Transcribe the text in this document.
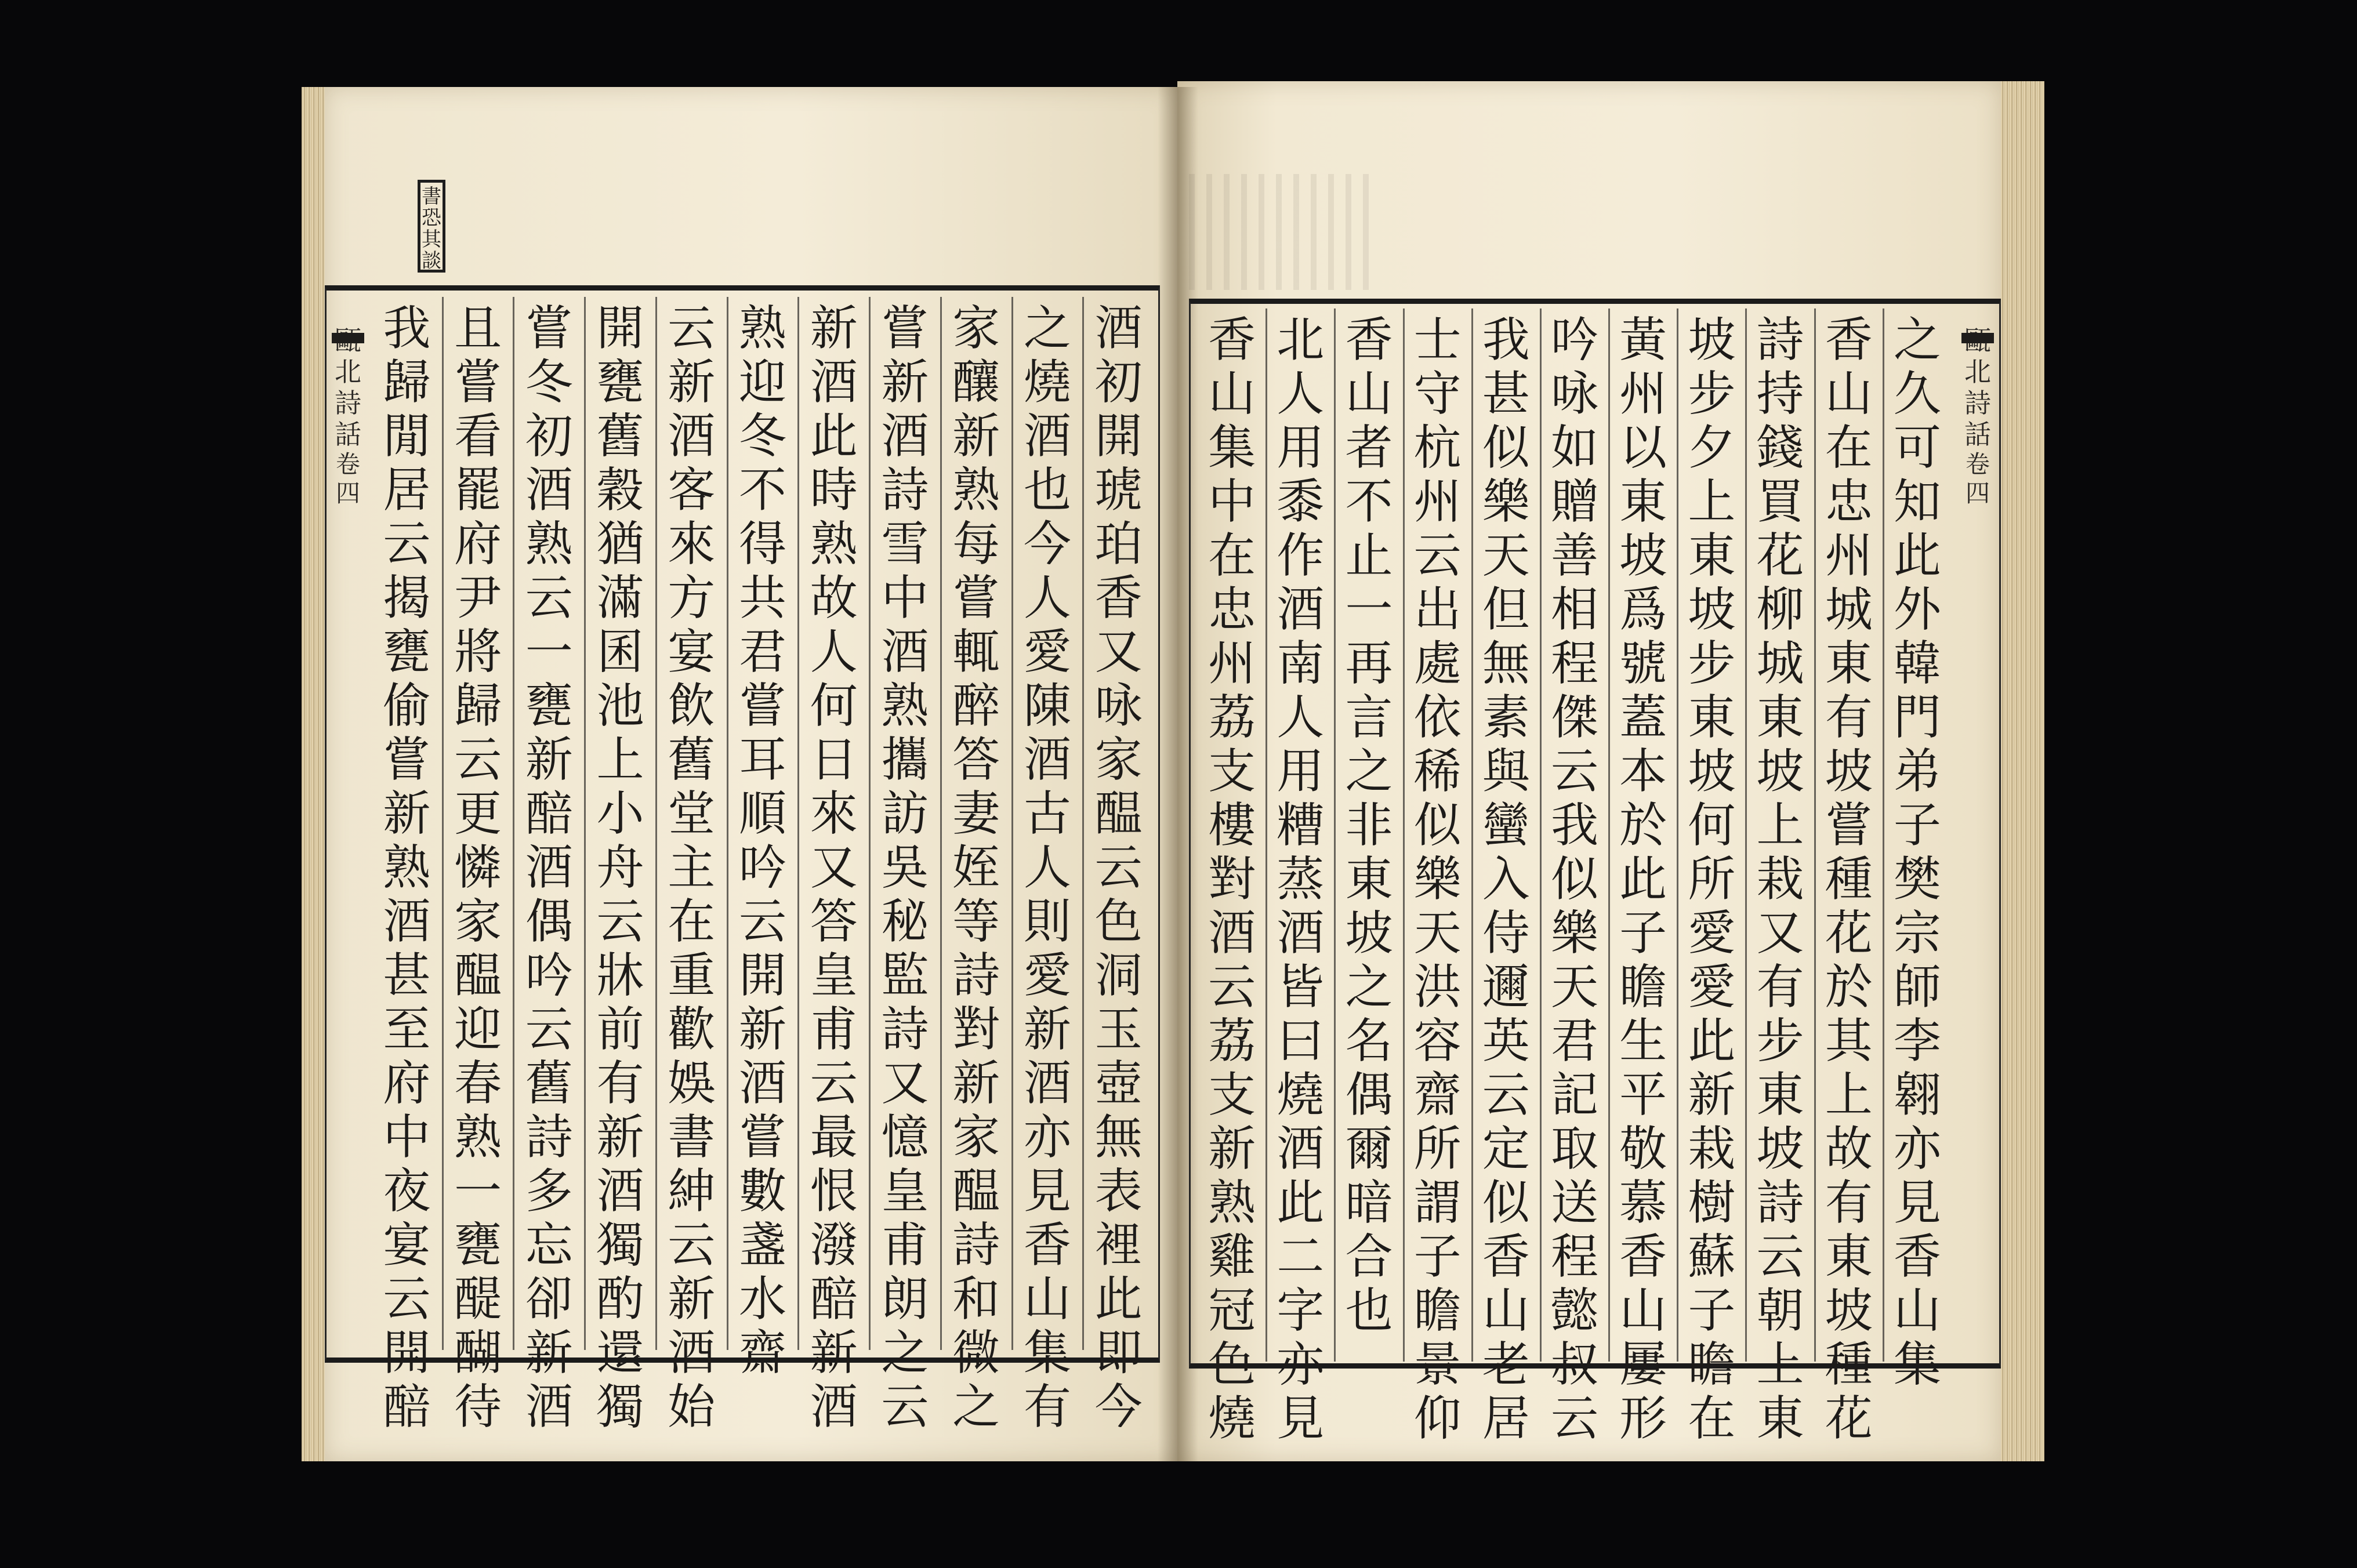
書
恐
其
談
酒
初
開
琥
珀
香
又
咏
家
醖
云
色
洞
玉
壺
無
表
裡
此
即
今
之
燒
酒
也
今
人
愛
陳
酒
古
人
則
愛
新
酒
亦
見
香
山
集
有
家
釀
新
熟
每
嘗
輒
醉
答
妻
姪
等
詩
對
新
家
醖
詩
和
微
之
嘗
新
酒
詩
雪
中
酒
熟
攜
訪
吳
秘
監
詩
又
憶
皇
甫
朗
之
云
新
酒
此
時
熟
故
人
何
日
來
又
答
皇
甫
云
最
恨
潑
醅
新
酒
熟
迎
冬
不
得
共
君
嘗
耳
順
吟
云
開
新
酒
嘗
數
盞
水
齋
云
新
酒
客
來
方
宴
飲
舊
堂
主
在
重
歡
娛
書
紳
云
新
酒
始
開
甕
舊
穀
猶
滿
囷
池
上
小
舟
云
牀
前
有
新
酒
獨
酌
還
獨
嘗
冬
初
酒
熟
云
一
甕
新
醅
酒
偶
吟
云
舊
詩
多
忘
卻
新
酒
且
嘗
看
罷
府
尹
將
歸
云
更
憐
家
醖
迎
春
熟
一
甕
醍
醐
待
我
歸
閒
居
云
揭
甕
偷
嘗
新
熟
酒
甚
至
府
中
夜
宴
云
開
醅
之
久
可
知
此
外
韓
門
弟
子
樊
宗
師
李
翱
亦
見
香
山
集
香
山
在
忠
州
城
東
有
坡
嘗
種
花
於
其
上
故
有
東
坡
種
花
詩
持
錢
買
花
柳
城
東
坡
上
栽
又
有
步
東
坡
詩
云
朝
上
東
坡
步
夕
上
東
坡
步
東
坡
何
所
愛
愛
此
新
栽
樹
蘇
子
瞻
在
黃
州
以
東
坡
爲
號
蓋
本
於
此
子
瞻
生
平
敬
慕
香
山
屢
形
吟
咏
如
贈
善
相
程
傑
云
我
似
樂
天
君
記
取
送
程
懿
叔
云
我
甚
似
樂
天
但
無
素
與
蠻
入
侍
邇
英
云
定
似
香
山
老
居
士
守
杭
州
云
出
處
依
稀
似
樂
天
洪
容
齋
所
謂
子
瞻
景
仰
香
山
者
不
止
一
再
言
之
非
東
坡
之
名
偶
爾
暗
合
也
北
人
用
黍
作
酒
南
人
用
糟
蒸
酒
皆
曰
燒
酒
此
二
字
亦
見
香
山
集
中
在
忠
州
荔
支
樓
對
酒
云
荔
支
新
熟
雞
冠
色
燒
北
詩
話
卷
四
北
詩
話
卷
四
